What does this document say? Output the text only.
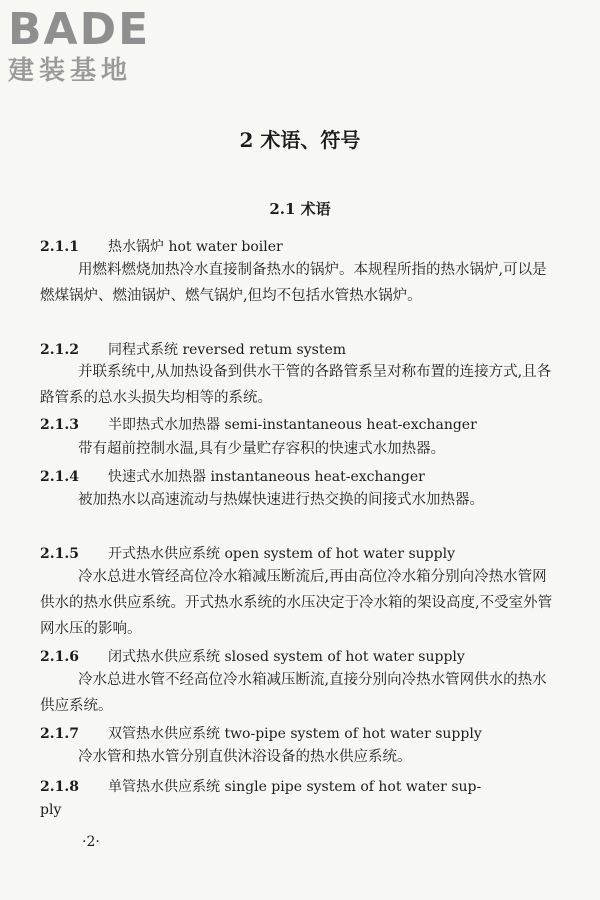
BADE
建装基地
2 术语、符号
2.1 术语
2.1.1 热水锅炉 hot water boiler

用燃料燃烧加热冷水直接制备热水的锅炉。本规程所指的热水锅炉,可以是燃煤锅炉、燃油锅炉、燃气锅炉,但均不包括水管热水锅炉。

2.1.2 同程式系统 reversed retum system

并联系统中,从加热设备到供水干管的各路管系呈对称布置的连接方式,且各路管系的总水头损失均相等的系统。

2.1.3 半即热式水加热器 semi-instantaneous heat-exchanger

带有超前控制水温,具有少量贮存容积的快速式水加热器。

2.1.4 快速式水加热器 instantaneous heat-exchanger

被加热水以高速流动与热媒快速进行热交换的间接式水加热器。

2.1.5 开式热水供应系统 open system of hot water supply

冷水总进水管经高位冷水箱减压断流后,再由高位冷水箱分别向冷热水管网供水的热水供应系统。开式热水系统的水压决定于冷水箱的架设高度,不受室外管网水压的影响。

2.1.6 闭式热水供应系统 slosed system of hot water supply

冷水总进水管不经高位冷水箱减压断流,直接分别向冷热水管网供水的热水供应系统。

2.1.7 双管热水供应系统 two-pipe system of hot water supply

冷水管和热水管分别直供沐浴设备的热水供应系统。

2.1.8 单管热水供应系统 single pipe system of hot water sup-
ply
·2·
